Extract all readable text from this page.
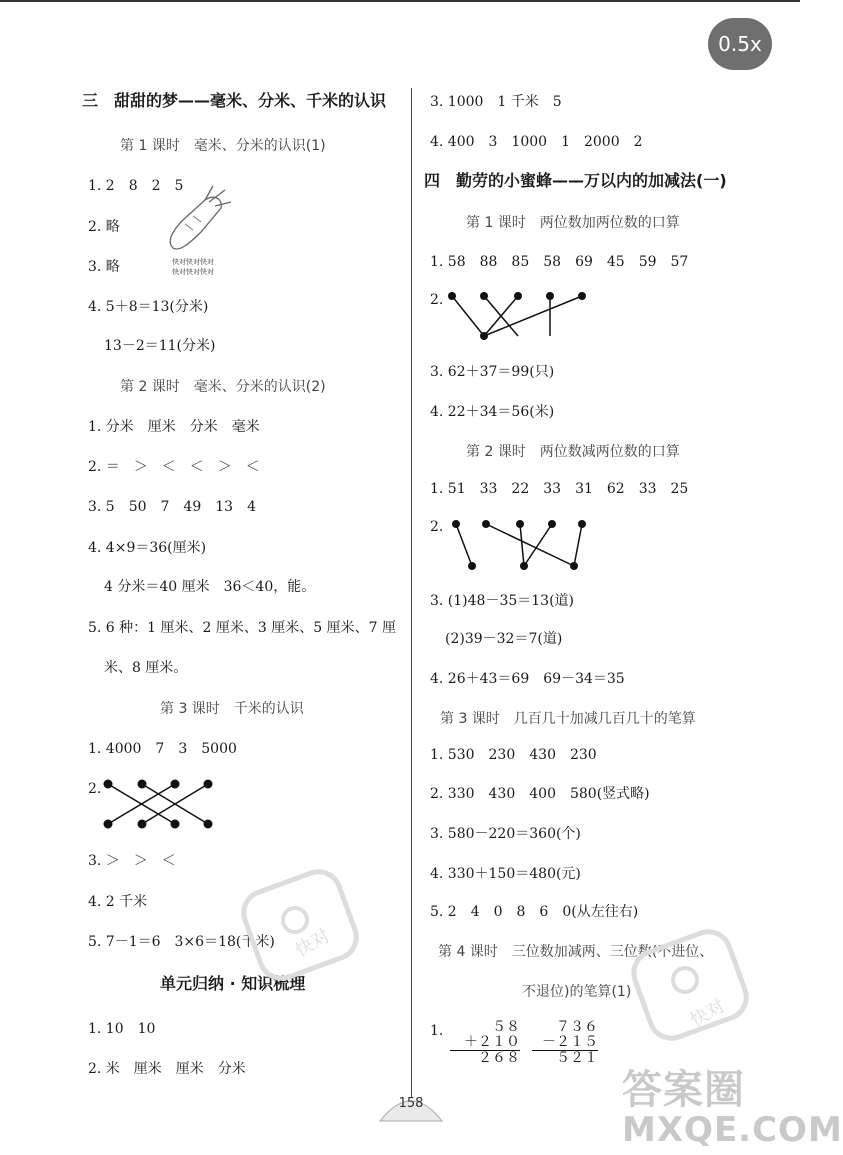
0.5x
三　甜甜的梦——毫米、分米、千米的认识
第 1 课时　毫米、分米的认识(1)
1. 2　8　2　5
2. 略
3. 略
4. 5＋8＝13(分米)
13－2＝11(分米)
快对快对快对
快对快对快对
第 2 课时　毫米、分米的认识(2)
1. 分米　厘米　分米　毫米
2. ＝　＞　＜　＜　＞　＜
3. 5　50　7　49　13　4
4. 4×9＝36(厘米)
4 分米＝40 厘米　36＜40，能。
5. 6 种：1 厘米、2 厘米、3 厘米、5 厘米、7 厘
米、8 厘米。
第 3 课时　千米的认识
1. 4000　7　3　5000
2.
3. ＞　＞　＜
4. 2 千米
5. 7－1＝6　3×6＝18(千米)
单元归纳 · 知识梳理
1. 10　10
2. 米　厘米　厘米　分米
3. 1000　1 千米　5
4. 400　3　1000　1　2000　2
四　勤劳的小蜜蜂——万以内的加减法(一)
第 1 课时　两位数加两位数的口算
1. 58　88　85　58　69　45　59　57
2.
3. 62＋37＝99(只)
4. 22＋34＝56(米)
第 2 课时　两位数减两位数的口算
1. 51　33　22　33　31　62　33　25
2.
3. (1)48－35＝13(道)
(2)39－32＝7(道)
4. 26＋43＝69　69－34＝35
第 3 课时　几百几十加减几百几十的笔算
1. 530　230　430　230
2. 330　430　400　580(竖式略)
3. 580－220＝360(个)
4. 330＋150＝480(元)
5. 2　4　0　8　6　0(从左往右)
第 4 课时　三位数加减两、三位数(不进位、
不退位)的笔算(1)
1.	　５８
＋２１０
　２６８
７３６
－２１５
５２１
快对
快对
158	答案圈
MXQE.COM
